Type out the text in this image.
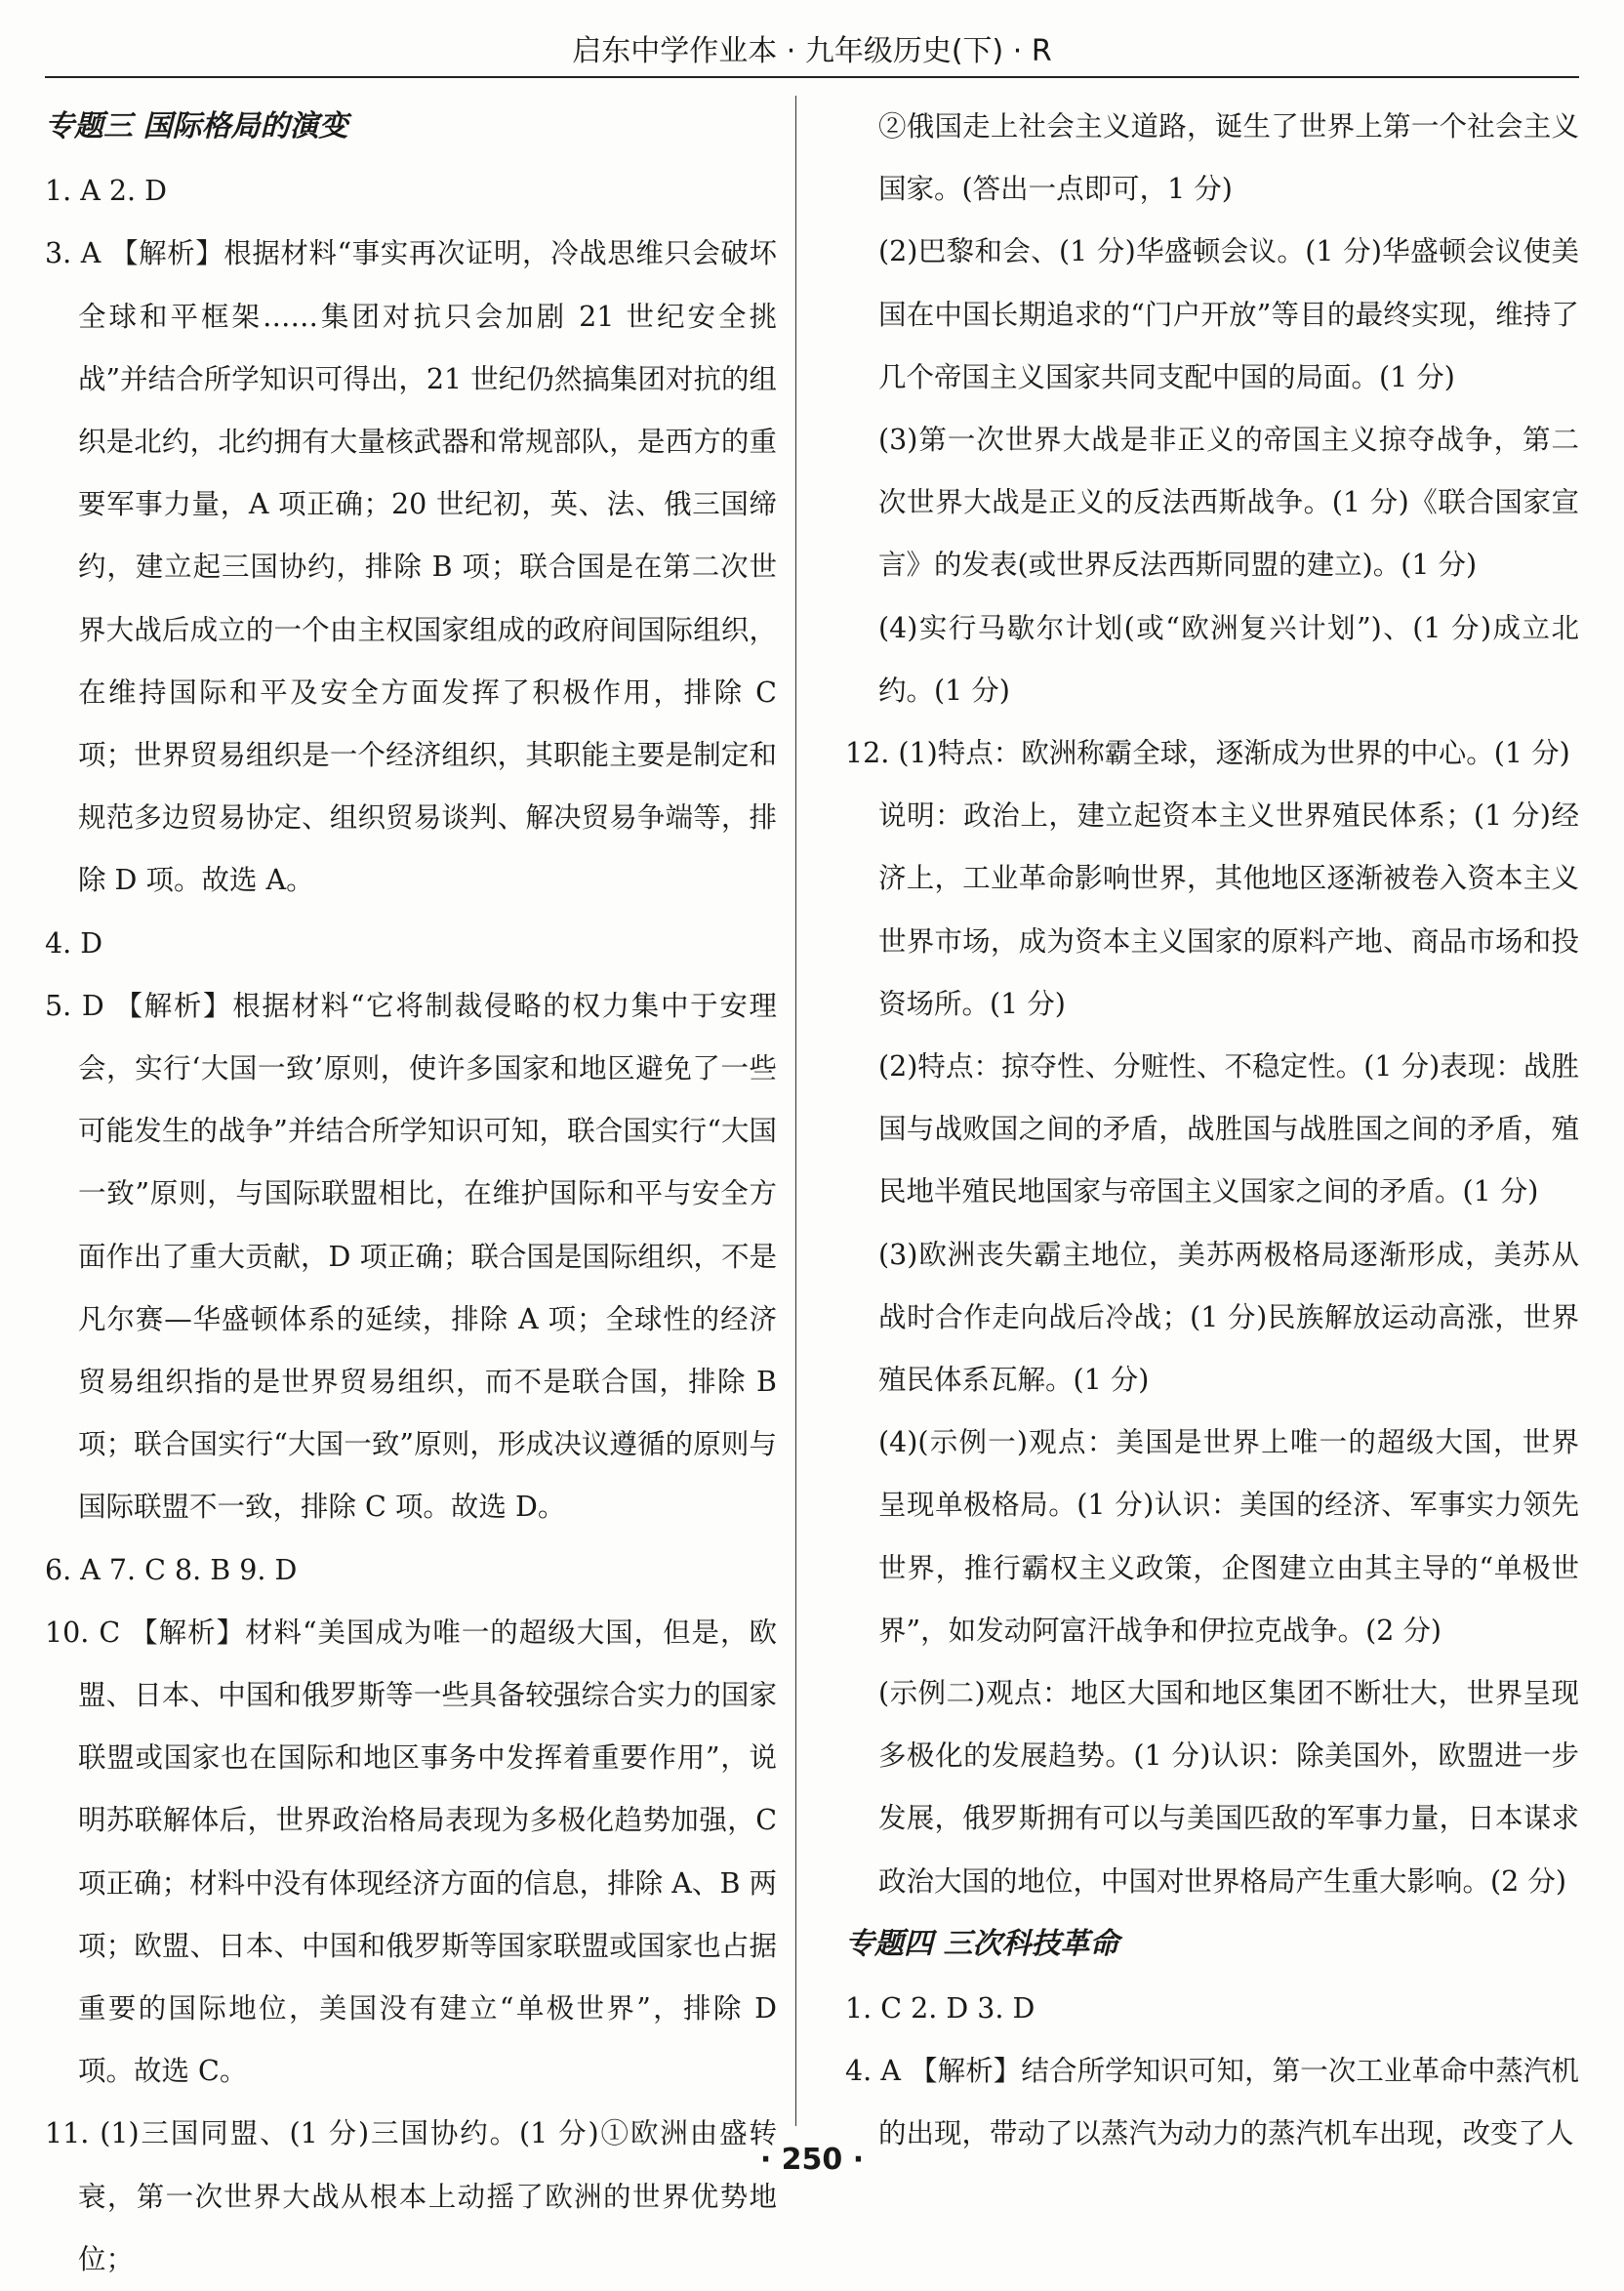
启东中学作业本 · 九年级历史(下) · R
专题三 国际格局的演变

1. A 2. D

3. A 【解析】根据材料“事实再次证明，冷战思维只会破坏全球和平框架……集团对抗只会加剧 21 世纪安全挑战”并结合所学知识可得出，21 世纪仍然搞集团对抗的组织是北约，北约拥有大量核武器和常规部队，是西方的重要军事力量，A 项正确；20 世纪初，英、法、俄三国缔约，建立起三国协约，排除 B 项；联合国是在第二次世界大战后成立的一个由主权国家组成的政府间国际组织，在维持国际和平及安全方面发挥了积极作用，排除 C 项；世界贸易组织是一个经济组织，其职能主要是制定和规范多边贸易协定、组织贸易谈判、解决贸易争端等，排除 D 项。故选 A。

4. D

5. D 【解析】根据材料“它将制裁侵略的权力集中于安理会，实行‘大国一致’原则，使许多国家和地区避免了一些可能发生的战争”并结合所学知识可知，联合国实行“大国一致”原则，与国际联盟相比，在维护国际和平与安全方面作出了重大贡献，D 项正确；联合国是国际组织，不是凡尔赛—华盛顿体系的延续，排除 A 项；全球性的经济贸易组织指的是世界贸易组织，而不是联合国，排除 B 项；联合国实行“大国一致”原则，形成决议遵循的原则与国际联盟不一致，排除 C 项。故选 D。

6. A 7. C 8. B 9. D

10. C 【解析】材料“美国成为唯一的超级大国，但是，欧盟、日本、中国和俄罗斯等一些具备较强综合实力的国家联盟或国家也在国际和地区事务中发挥着重要作用”，说明苏联解体后，世界政治格局表现为多极化趋势加强，C 项正确；材料中没有体现经济方面的信息，排除 A、B 两项；欧盟、日本、中国和俄罗斯等国家联盟或国家也占据重要的国际地位，美国没有建立“单极世界”，排除 D 项。故选 C。

11. (1)三国同盟、(1 分)三国协约。(1 分)①欧洲由盛转衰，第一次世界大战从根本上动摇了欧洲的世界优势地位；

②俄国走上社会主义道路，诞生了世界上第一个社会主义国家。(答出一点即可，1 分)

(2)巴黎和会、(1 分)华盛顿会议。(1 分)华盛顿会议使美国在中国长期追求的“门户开放”等目的最终实现，维持了几个帝国主义国家共同支配中国的局面。(1 分)

(3)第一次世界大战是非正义的帝国主义掠夺战争，第二次世界大战是正义的反法西斯战争。(1 分)《联合国家宣言》的发表(或世界反法西斯同盟的建立)。(1 分)

(4)实行马歇尔计划(或“欧洲复兴计划”)、(1 分)成立北约。(1 分)

12. (1)特点：欧洲称霸全球，逐渐成为世界的中心。(1 分)

说明：政治上，建立起资本主义世界殖民体系；(1 分)经济上，工业革命影响世界，其他地区逐渐被卷入资本主义世界市场，成为资本主义国家的原料产地、商品市场和投资场所。(1 分)

(2)特点：掠夺性、分赃性、不稳定性。(1 分)表现：战胜国与战败国之间的矛盾，战胜国与战胜国之间的矛盾，殖民地半殖民地国家与帝国主义国家之间的矛盾。(1 分)

(3)欧洲丧失霸主地位，美苏两极格局逐渐形成，美苏从战时合作走向战后冷战；(1 分)民族解放运动高涨，世界殖民体系瓦解。(1 分)

(4)(示例一)观点：美国是世界上唯一的超级大国，世界呈现单极格局。(1 分)认识：美国的经济、军事实力领先世界，推行霸权主义政策，企图建立由其主导的“单极世界”，如发动阿富汗战争和伊拉克战争。(2 分)

(示例二)观点：地区大国和地区集团不断壮大，世界呈现多极化的发展趋势。(1 分)认识：除美国外，欧盟进一步发展，俄罗斯拥有可以与美国匹敌的军事力量，日本谋求政治大国的地位，中国对世界格局产生重大影响。(2 分)

专题四 三次科技革命

1. C 2. D 3. D

4. A 【解析】结合所学知识可知，第一次工业革命中蒸汽机的出现，带动了以蒸汽为动力的蒸汽机车出现，改变了人

· 250 ·
